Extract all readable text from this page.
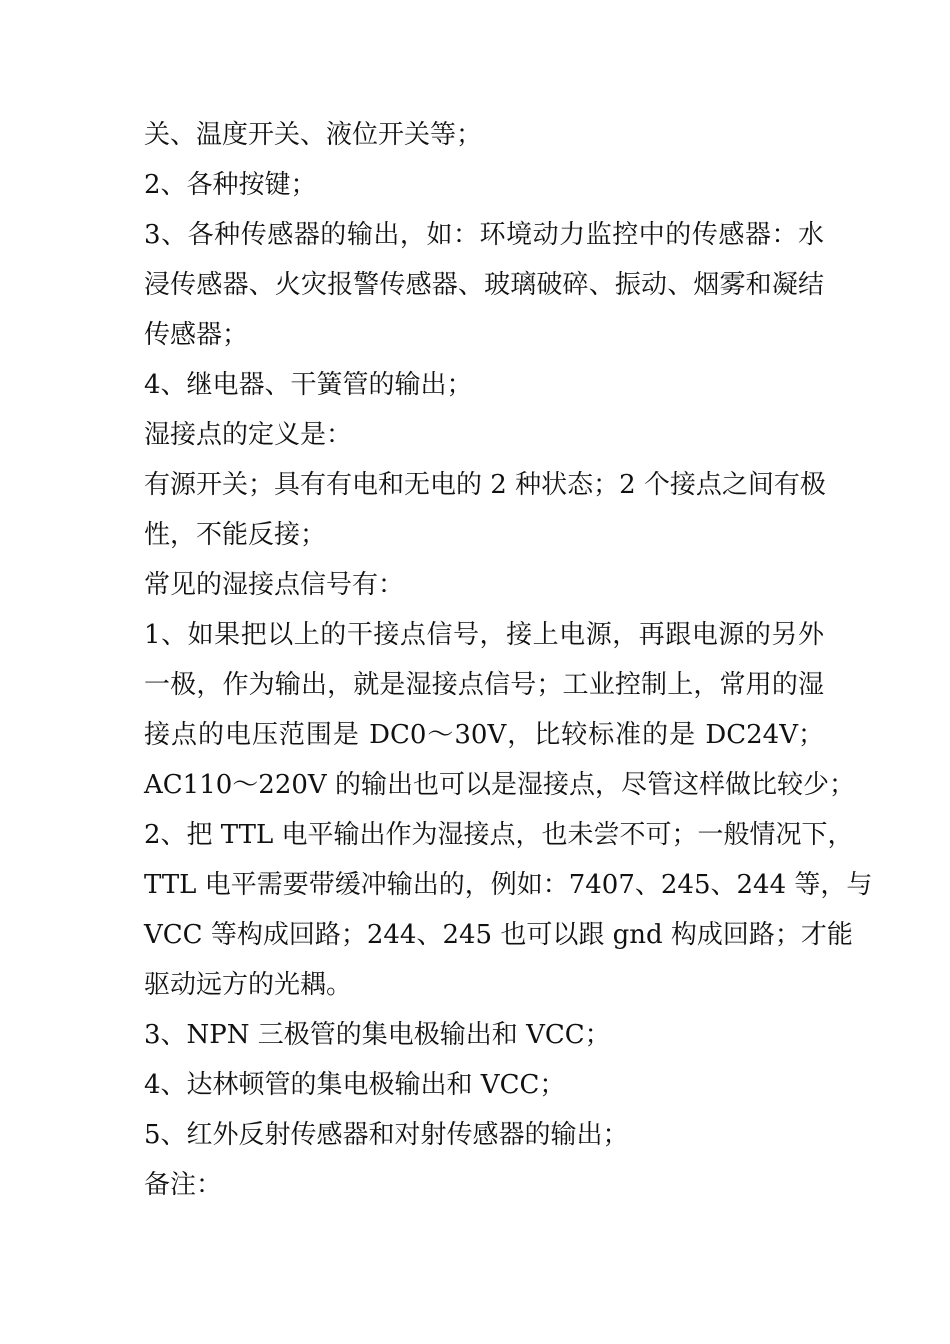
关、温度开关、液位开关等；
2、各种按键；
3、各种传感器的输出，如：环境动力监控中的传感器：水
浸传感器、火灾报警传感器、玻璃破碎、振动、烟雾和凝结
传感器；
4、继电器、干簧管的输出；
湿接点的定义是：
有源开关；具有有电和无电的 2 种状态；2 个接点之间有极
性，不能反接；
常见的湿接点信号有：
1、如果把以上的干接点信号，接上电源，再跟电源的另外
一极，作为输出，就是湿接点信号；工业控制上，常用的湿
接点的电压范围是 DC0～30V，比较标准的是 DC24V；
AC110～220V 的输出也可以是湿接点，尽管这样做比较少；
2、把 TTL 电平输出作为湿接点，也未尝不可；一般情况下，
TTL 电平需要带缓冲输出的，例如：7407、245、244 等，与
VCC 等构成回路；244、245 也可以跟 gnd 构成回路；才能
驱动远方的光耦。
3、NPN 三极管的集电极输出和 VCC；
4、达林顿管的集电极输出和 VCC；
5、红外反射传感器和对射传感器的输出；
备注：
